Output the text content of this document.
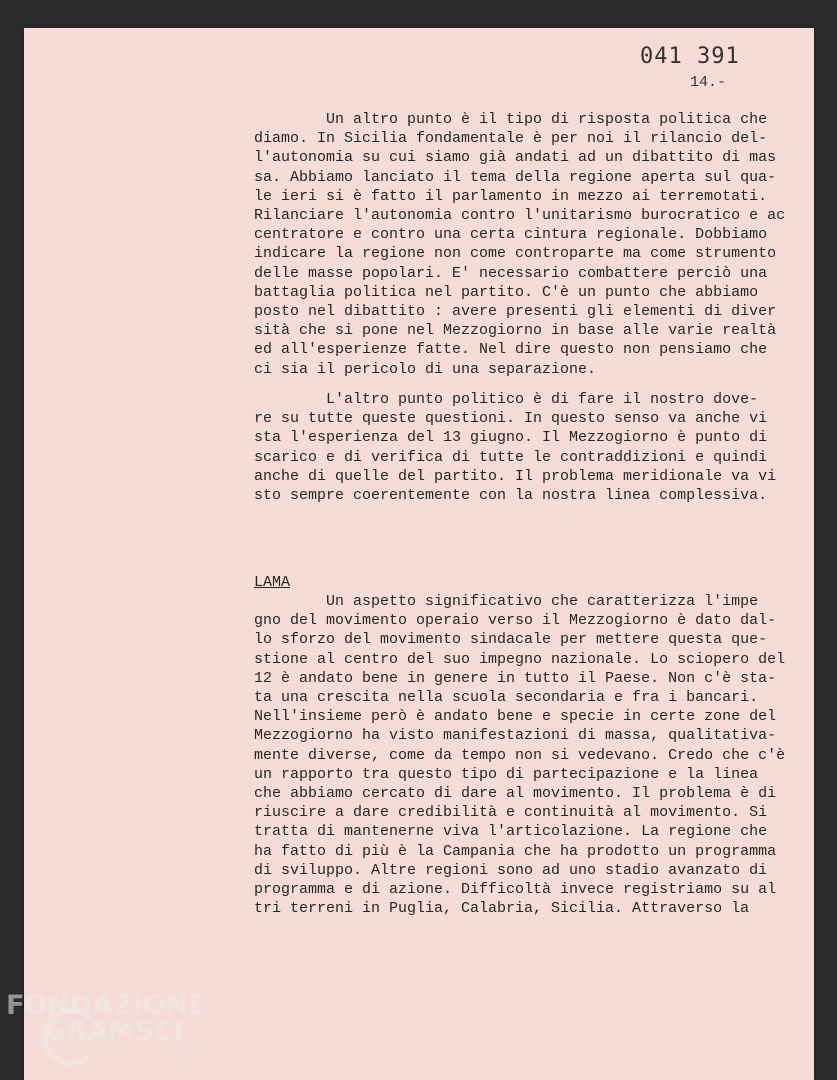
041 391

14.-

Un altro punto è il tipo di risposta politica che

diamo. In Sicilia fondamentale è per noi il rilancio del-

l'autonomia su cui siamo già andati ad un dibattito di mas

sa. Abbiamo lanciato il tema della regione aperta sul qua-

le ieri si è fatto il parlamento in mezzo ai terremotati.

Rilanciare l'autonomia contro l'unitarismo burocratico e ac

centratore e contro una certa cintura regionale. Dobbiamo

indicare la regione non come controparte ma come strumento

delle masse popolari. E' necessario combattere perciò una

battaglia politica nel partito. C'è un punto che abbiamo

posto nel dibattito : avere presenti gli elementi di diver

sità che si pone nel Mezzogiorno in base alle varie realtà

ed all'esperienze fatte. Nel dire questo non pensiamo che

ci sia il pericolo di una separazione.

L'altro punto politico è di fare il nostro dove-

re su tutte queste questioni. In questo senso va anche vi

sta l'esperienza del 13 giugno. Il Mezzogiorno è punto di

scarico e di verifica di tutte le contraddizioni e quindi

anche di quelle del partito. Il problema meridionale va vi

sto sempre coerentemente con la nostra linea complessiva.

LAMA

Un aspetto significativo che caratterizza l'impe

gno del movimento operaio verso il Mezzogiorno è dato dal-

lo sforzo del movimento sindacale per mettere questa que-

stione al centro del suo impegno nazionale. Lo sciopero del

12 è andato bene in genere in tutto il Paese. Non c'è sta-

ta una crescita nella scuola secondaria e fra i bancari.

Nell'insieme però è andato bene e specie in certe zone del

Mezzogiorno ha visto manifestazioni di massa, qualitativa-

mente diverse, come da tempo non si vedevano. Credo che c'è

un rapporto tra questo tipo di partecipazione e la linea

che abbiamo cercato di dare al movimento. Il problema è di

riuscire a dare credibilità e continuità al movimento. Si

tratta di mantenerne viva l'articolazione. La regione che

ha fatto di più è la Campania che ha prodotto un programma

di sviluppo. Altre regioni sono ad uno stadio avanzato di

programma e di azione. Difficoltà invece registriamo su al

tri terreni in Puglia, Calabria, Sicilia. Attraverso la

FONDAZIONE
GRAMSCI
onlus
